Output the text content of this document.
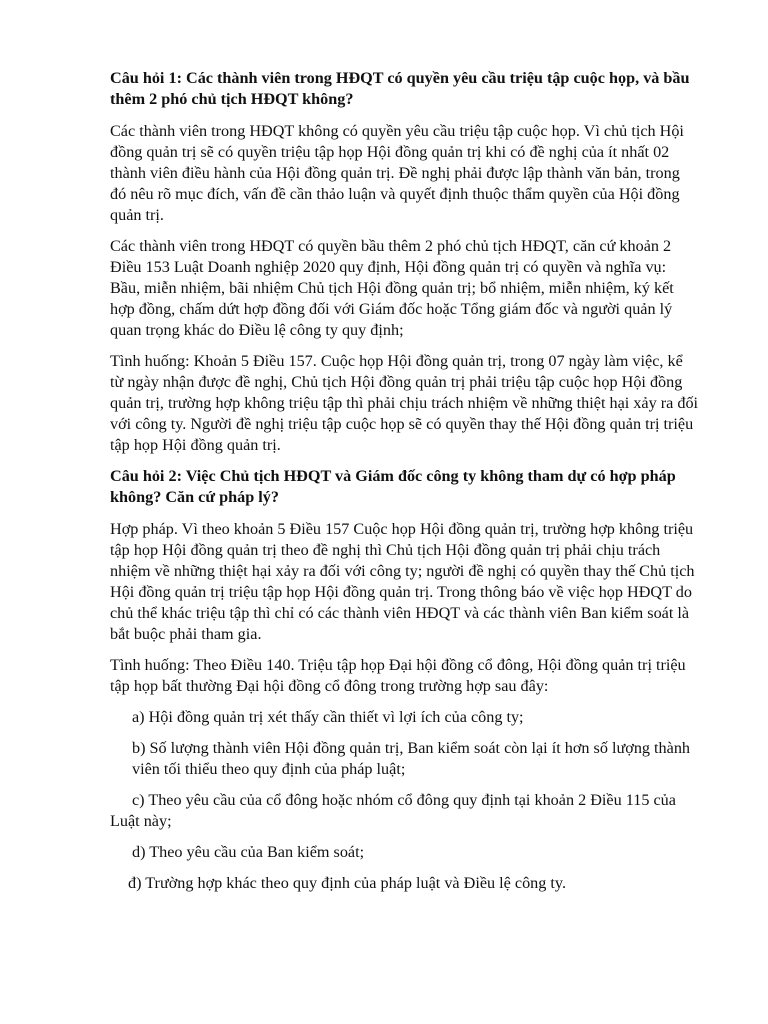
Câu hỏi 1: Các thành viên trong HĐQT có quyền yêu cầu triệu tập cuộc họp, và bầu thêm 2 phó chủ tịch HĐQT không?
Các thành viên trong HĐQT không có quyền yêu cầu triệu tập cuộc họp. Vì chủ tịch Hội đồng quản trị sẽ có quyền triệu tập họp Hội đồng quản trị khi có đề nghị của ít nhất 02 thành viên điều hành của Hội đồng quản trị. Đề nghị phải được lập thành văn bản, trong đó nêu rõ mục đích, vấn đề cần thảo luận và quyết định thuộc thẩm quyền của Hội đồng quản trị.
Các thành viên trong HĐQT có quyền bầu thêm 2 phó chủ tịch HĐQT, căn cứ khoản 2 Điều 153 Luật Doanh nghiệp 2020 quy định, Hội đồng quản trị có quyền và nghĩa vụ: Bầu, miễn nhiệm, bãi nhiệm Chủ tịch Hội đồng quản trị; bổ nhiệm, miễn nhiệm, ký kết hợp đồng, chấm dứt hợp đồng đối với Giám đốc hoặc Tổng giám đốc và người quản lý quan trọng khác do Điều lệ công ty quy định;
Tình huống: Khoản 5 Điều 157. Cuộc họp Hội đồng quản trị, trong 07 ngày làm việc, kể từ ngày nhận được đề nghị, Chủ tịch Hội đồng quản trị phải triệu tập cuộc họp Hội đồng quản trị, trường hợp không triệu tập thì phải chịu trách nhiệm về những thiệt hại xảy ra đối với công ty. Người đề nghị triệu tập cuộc họp sẽ có quyền thay thế Hội đồng quản trị triệu tập họp Hội đồng quản trị.
Câu hỏi 2: Việc Chủ tịch HĐQT và Giám đốc công ty không tham dự có hợp pháp không? Căn cứ pháp lý?
Hợp pháp. Vì theo khoản 5 Điều 157 Cuộc họp Hội đồng quản trị, trường hợp không triệu tập họp Hội đồng quản trị theo đề nghị thì Chủ tịch Hội đồng quản trị phải chịu trách nhiệm về những thiệt hại xảy ra đối với công ty; người đề nghị có quyền thay thế Chủ tịch Hội đồng quản trị triệu tập họp Hội đồng quản trị. Trong thông báo về việc họp HĐQT do chủ thể khác triệu tập thì chỉ có các thành viên HĐQT và các thành viên Ban kiểm soát là bắt buộc phải tham gia.
Tình huống: Theo Điều 140. Triệu tập họp Đại hội đồng cổ đông, Hội đồng quản trị triệu tập họp bất thường Đại hội đồng cổ đông trong trường hợp sau đây:
a) Hội đồng quản trị xét thấy cần thiết vì lợi ích của công ty;
b) Số lượng thành viên Hội đồng quản trị, Ban kiểm soát còn lại ít hơn số lượng thành viên tối thiểu theo quy định của pháp luật;
c) Theo yêu cầu của cổ đông hoặc nhóm cổ đông quy định tại khoản 2 Điều 115 của Luật này;
d) Theo yêu cầu của Ban kiểm soát;
đ) Trường hợp khác theo quy định của pháp luật và Điều lệ công ty.
